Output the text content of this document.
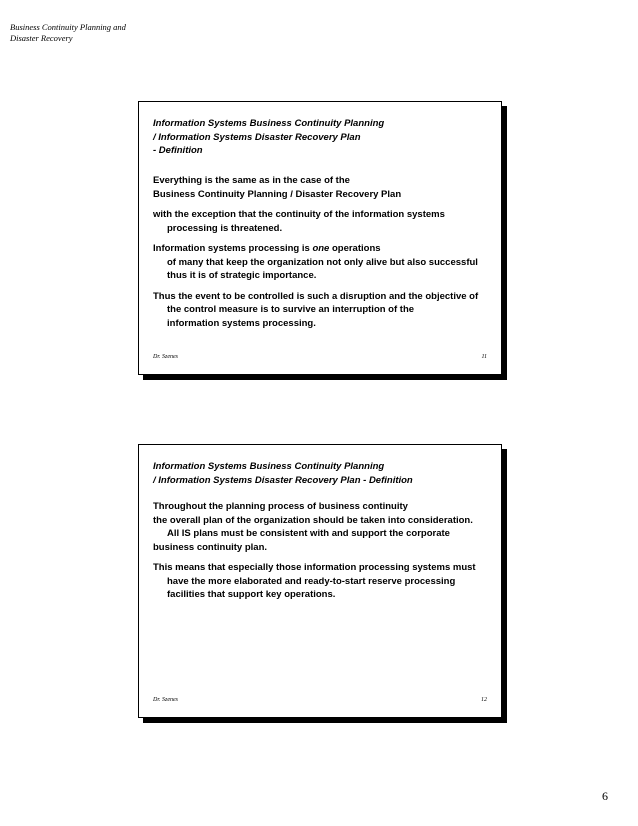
Business Continuity Planning and
Disaster Recovery
Information Systems Business Continuity Planning
/ Information Systems Disaster Recovery Plan
- Definition
Everything is the same as in the case of the
Business Continuity Planning / Disaster Recovery Plan
with the exception that the continuity of the information systems
processing is threatened.
Information systems processing is one operations
of many that keep the organization not only alive but also successful
thus it is of strategic importance.
Thus the event to be controlled is such a disruption and the objective of
the control measure is to survive an interruption of the
information systems processing.
Dr. Szenes	11
Information Systems Business Continuity Planning
/ Information Systems Disaster Recovery Plan - Definition
Throughout the planning process of business continuity
the overall plan of the organization should be taken into consideration.
All IS plans must be consistent with and support the corporate
business continuity plan.
This means that especially those information processing systems must
have the more elaborated and ready-to-start reserve processing
facilities that support key operations.
Dr. Szenes	12
6
